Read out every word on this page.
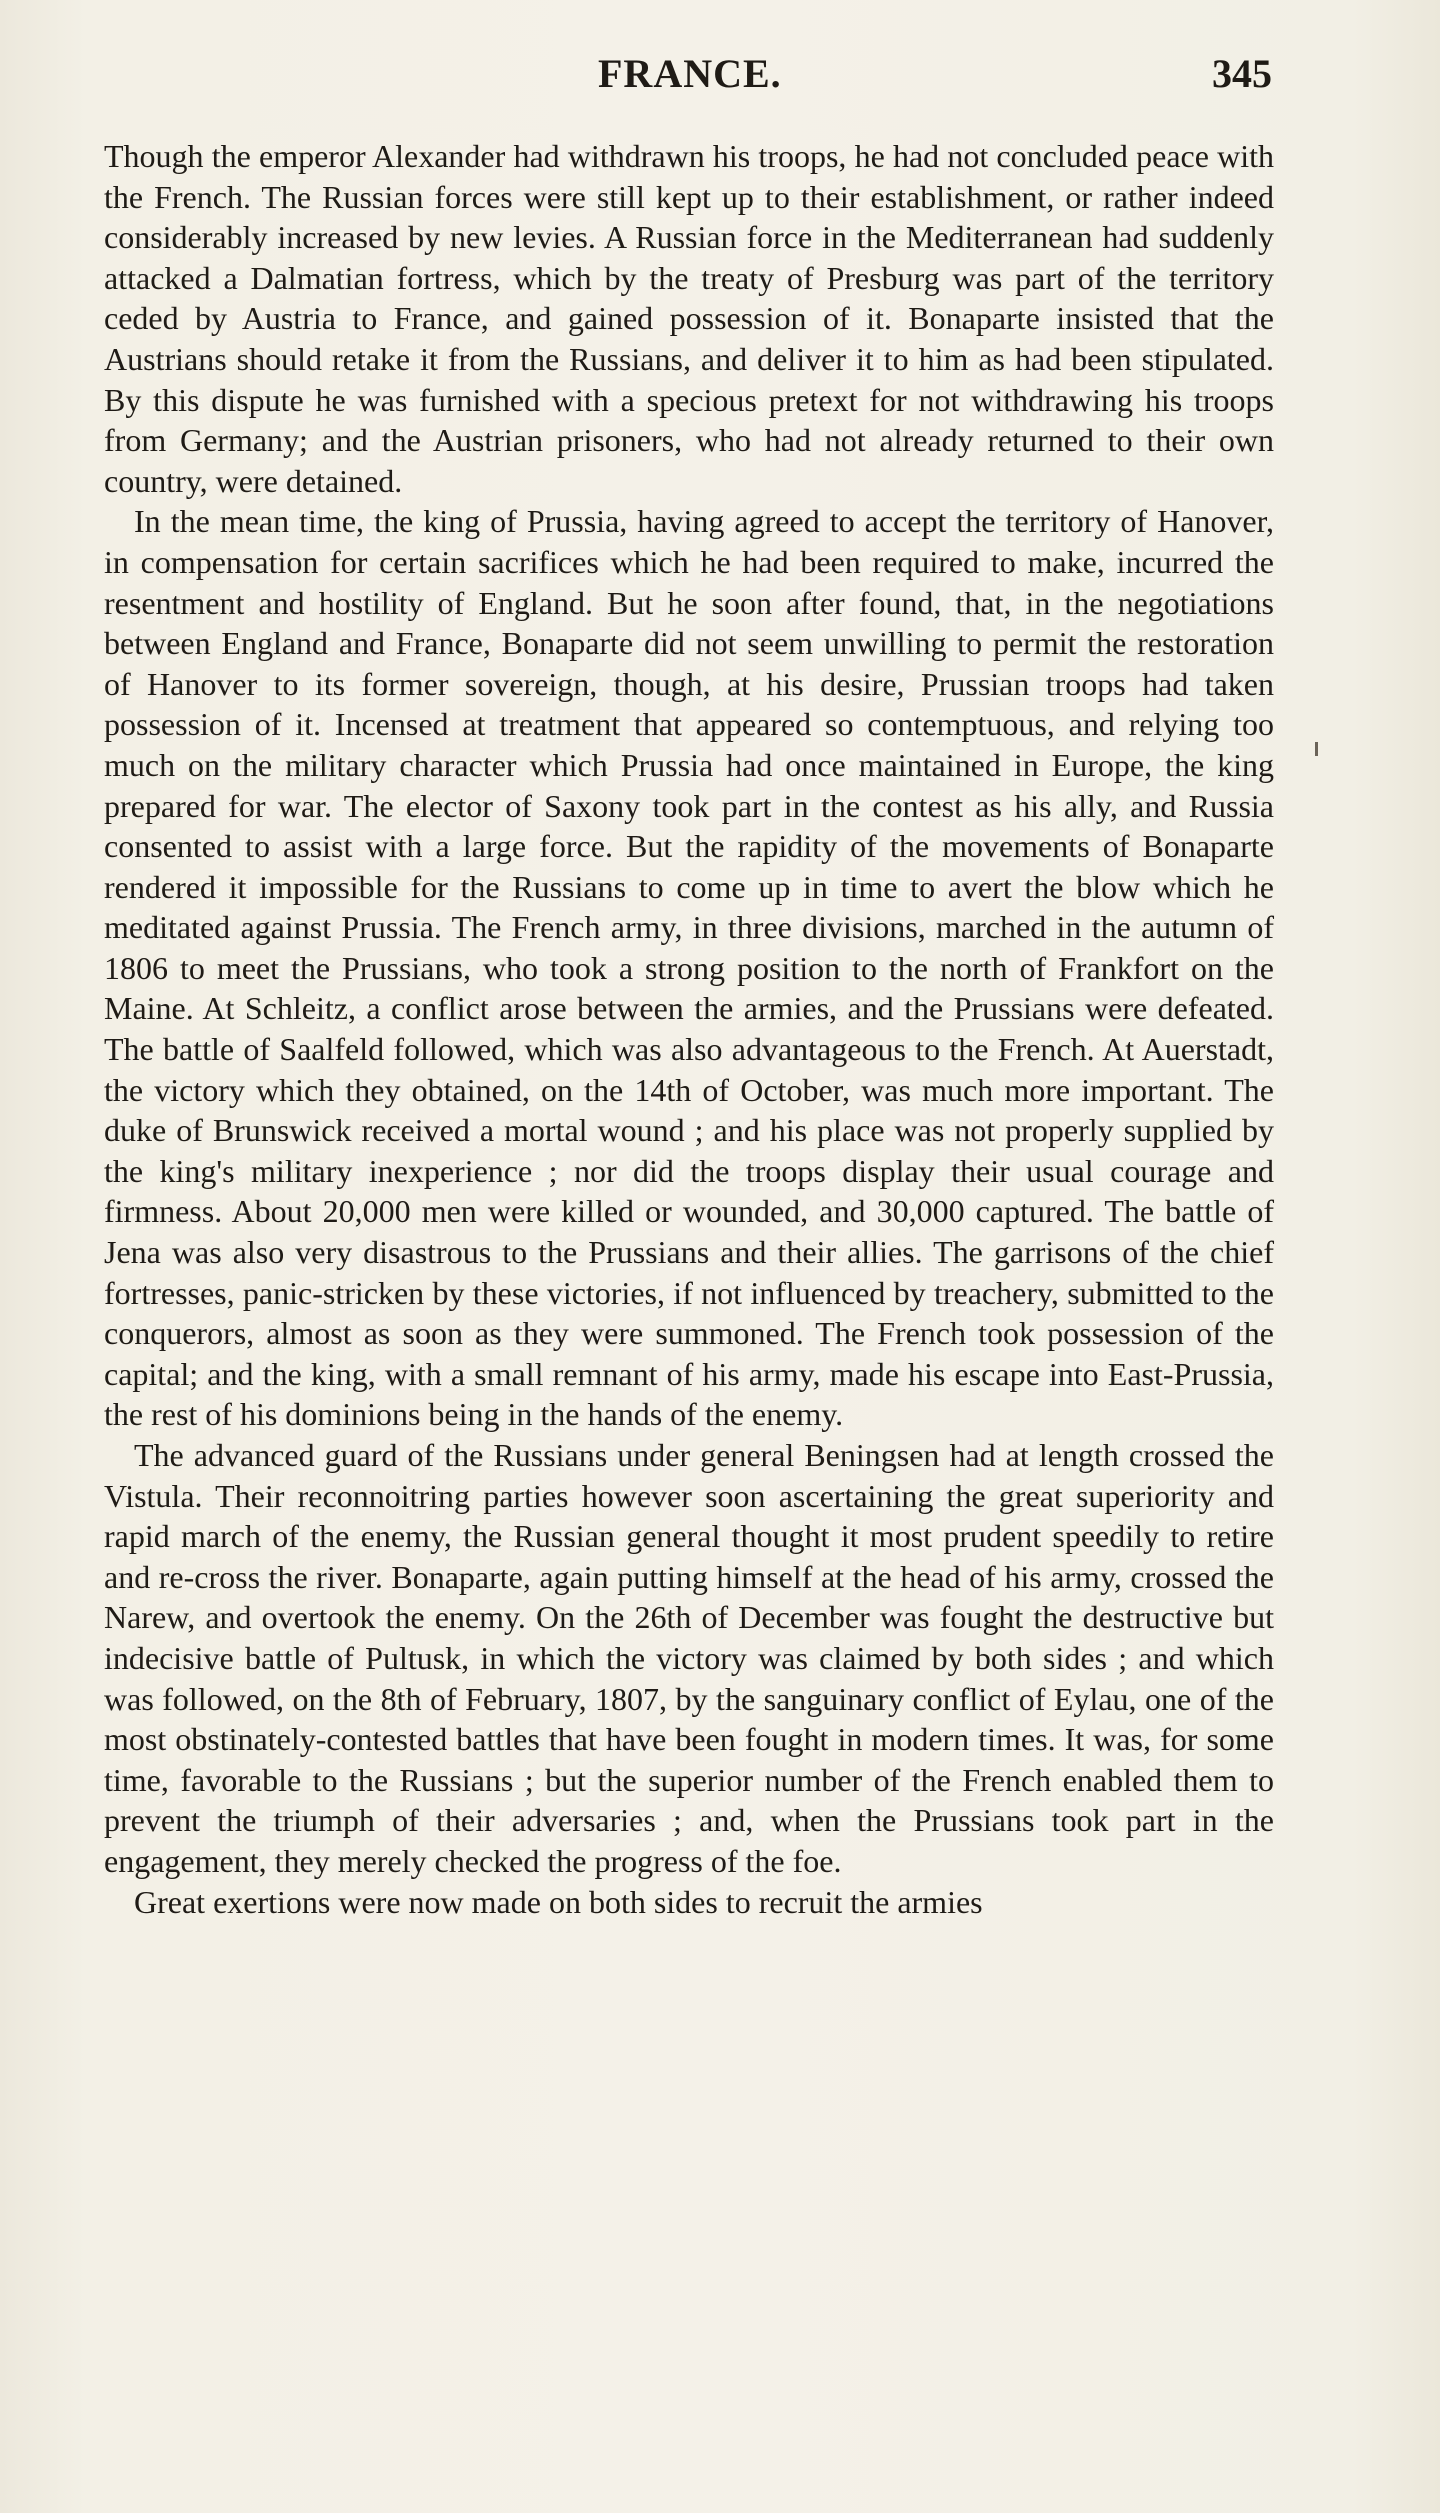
FRANCE.	345

Though the emperor Alexander had withdrawn his troops, he had not concluded peace with the French. The Russian forces were still kept up to their establishment, or rather indeed considerably increased by new levies. A Russian force in the Mediterranean had suddenly attacked a Dalmatian fortress, which by the treaty of Presburg was part of the territory ceded by Austria to France, and gained possession of it. Bonaparte insisted that the Austrians should retake it from the Russians, and deliver it to him as had been stipulated. By this dispute he was furnished with a specious pretext for not withdrawing his troops from Germany; and the Austrian prisoners, who had not already returned to their own country, were detained.

In the mean time, the king of Prussia, having agreed to accept the territory of Hanover, in compensation for certain sacrifices which he had been required to make, incurred the resentment and hostility of England. But he soon after found, that, in the negotiations between England and France, Bonaparte did not seem unwilling to permit the restoration of Hanover to its former sovereign, though, at his desire, Prussian troops had taken possession of it. Incensed at treatment that appeared so contemptuous, and relying too much on the military character which Prussia had once maintained in Europe, the king prepared for war. The elector of Saxony took part in the contest as his ally, and Russia consented to assist with a large force. But the rapidity of the movements of Bonaparte rendered it impossible for the Russians to come up in time to avert the blow which he meditated against Prussia. The French army, in three divisions, marched in the autumn of 1806 to meet the Prussians, who took a strong position to the north of Frankfort on the Maine. At Schleitz, a conflict arose between the armies, and the Prussians were defeated. The battle of Saalfeld followed, which was also advantageous to the French. At Auerstadt, the victory which they obtained, on the 14th of October, was much more important. The duke of Brunswick received a mortal wound ; and his place was not properly supplied by the king's military inexperience ; nor did the troops display their usual courage and firmness. About 20,000 men were killed or wounded, and 30,000 captured. The battle of Jena was also very disastrous to the Prussians and their allies. The garrisons of the chief fortresses, panic-stricken by these victories, if not influenced by treachery, submitted to the conquerors, almost as soon as they were summoned. The French took possession of the capital; and the king, with a small remnant of his army, made his escape into East-Prussia, the rest of his dominions being in the hands of the enemy.

The advanced guard of the Russians under general Beningsen had at length crossed the Vistula. Their reconnoitring parties however soon ascertaining the great superiority and rapid march of the enemy, the Russian general thought it most prudent speedily to retire and re-cross the river. Bonaparte, again putting himself at the head of his army, crossed the Narew, and overtook the enemy. On the 26th of December was fought the destructive but indecisive battle of Pultusk, in which the victory was claimed by both sides ; and which was followed, on the 8th of February, 1807, by the sanguinary conflict of Eylau, one of the most obstinately-contested battles that have been fought in modern times. It was, for some time, favorable to the Russians ; but the superior number of the French enabled them to prevent the triumph of their adversaries ; and, when the Prussians took part in the engagement, they merely checked the progress of the foe.

Great exertions were now made on both sides to recruit the armies
